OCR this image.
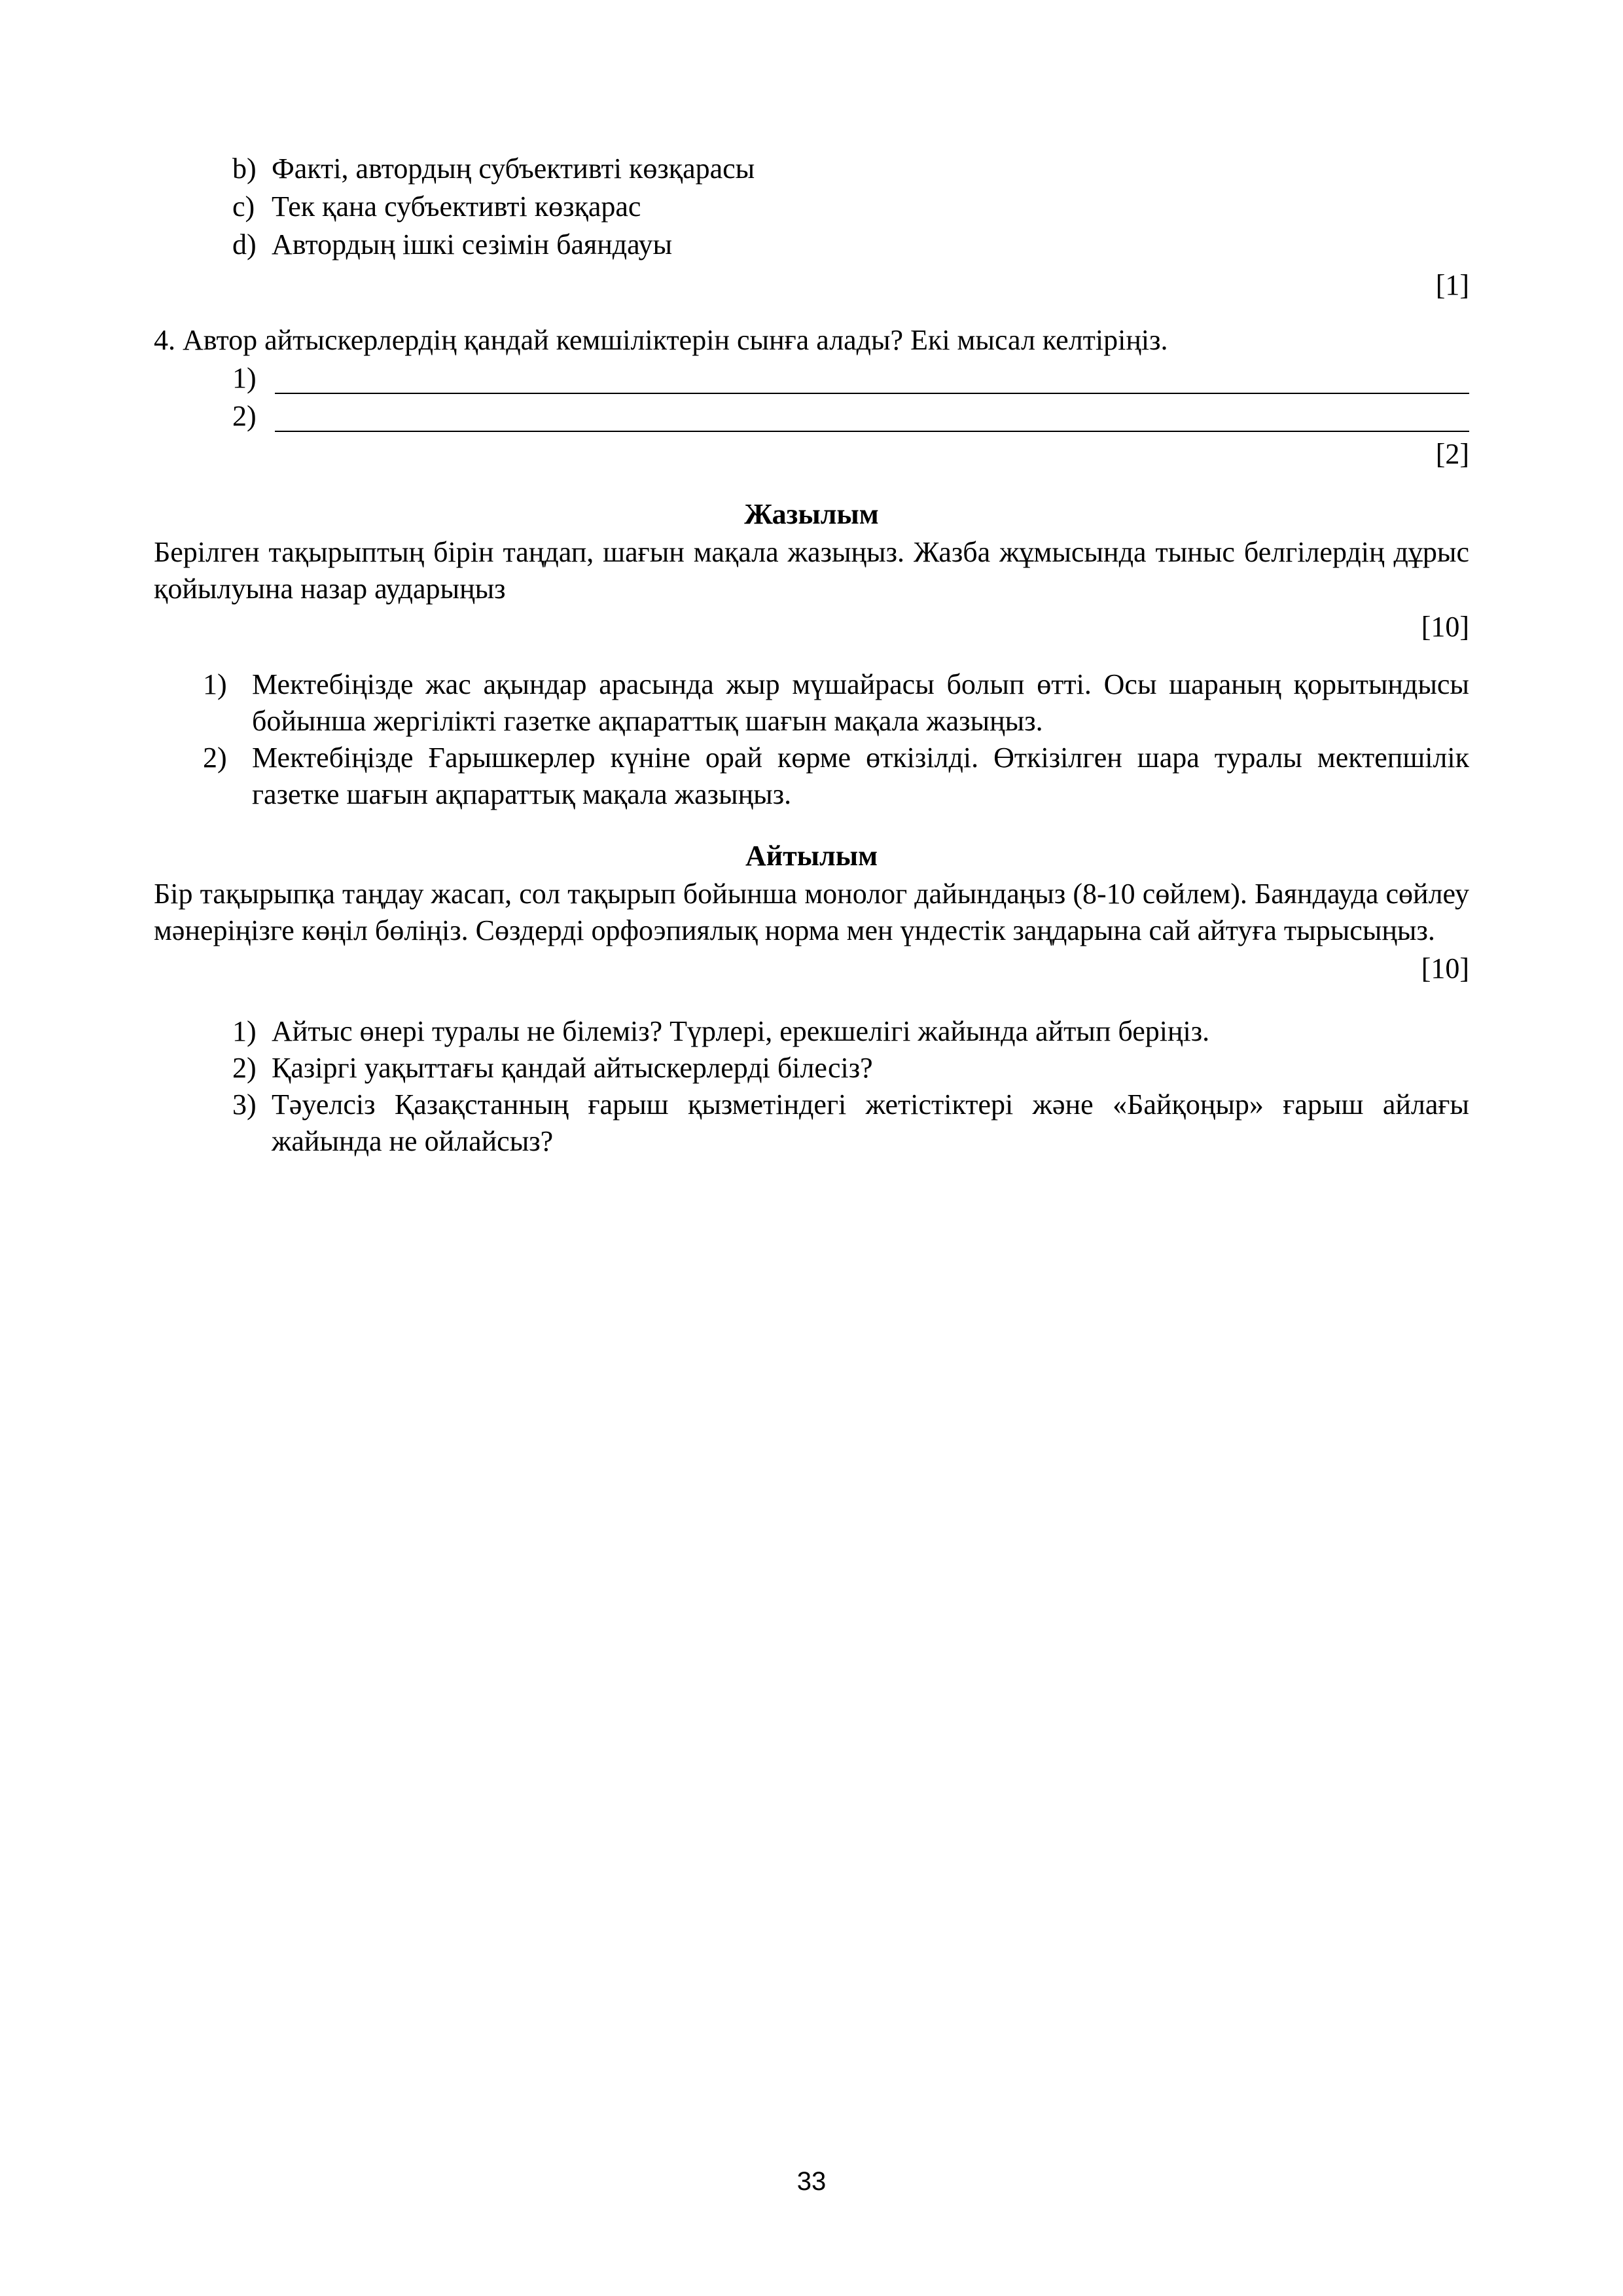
b) Факті, автордың субъективті көзқарасы
c) Тек қана субъективті көзқарас
d) Автордың ішкі сезімін баяндауы
[1]
4. Автор айтыскерлердің қандай кемшіліктерін сынға алады? Екі мысал келтіріңіз.
1)
2)
[2]
Жазылым
Берілген тақырыптың бірін таңдап, шағын мақала жазыңыз. Жазба жұмысында тыныс белгілердің дұрыс қойылуына назар аударыңыз
[10]
1) Мектебіңізде жас ақындар арасында жыр мүшайрасы болып өтті. Осы шараның қорытындысы бойынша жергілікті газетке ақпараттық шағын мақала жазыңыз.
2) Мектебіңізде Ғарышкерлер күніне орай көрме өткізілді. Өткізілген шара туралы мектепшілік газетке шағын ақпараттық мақала жазыңыз.
Айтылым
Бір тақырыпқа таңдау жасап, сол тақырып бойынша монолог дайындаңыз (8-10 сөйлем). Баяндауда сөйлеу мәнеріңізге көңіл бөліңіз. Сөздерді орфоэпиялық норма мен үндестік заңдарына сай айтуға тырысыңыз.
[10]
1) Айтыс өнері туралы не білеміз? Түрлері, ерекшелігі жайында айтып беріңіз.
2) Қазіргі уақыттағы қандай айтыскерлерді білесіз?
3) Тәуелсіз Қазақстанның ғарыш қызметіндегі жетістіктері және «Байқоңыр» ғарыш айлағы жайында не ойлайсыз?
33
